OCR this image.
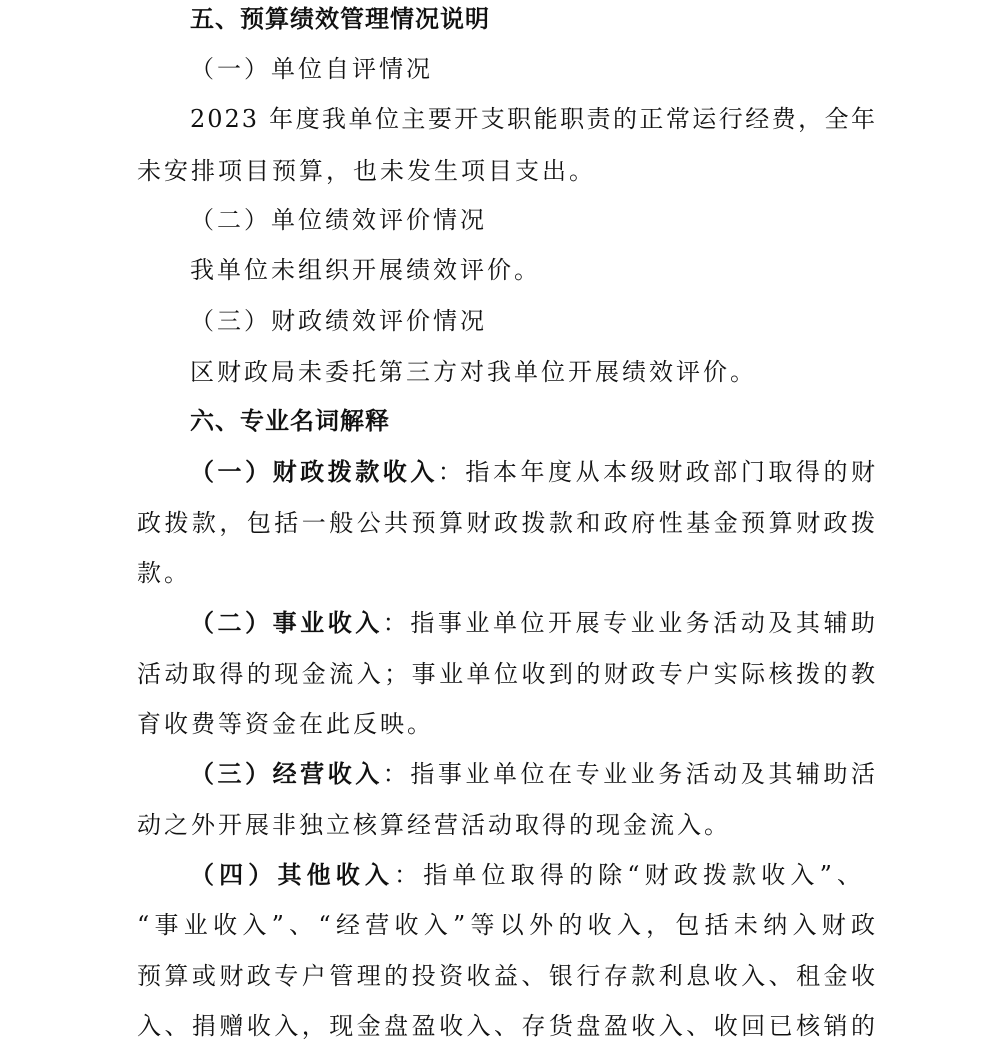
五、预算绩效管理情况说明
（一）单位自评情况
2023 年度我单位主要开支职能职责的正常运行经费，全年
未安排项目预算，也未发生项目支出。
（二）单位绩效评价情况
我单位未组织开展绩效评价。
（三）财政绩效评价情况
区财政局未委托第三方对我单位开展绩效评价。
六、专业名词解释
（一）财政拨款收入：指本年度从本级财政部门取得的财
政拨款，包括一般公共预算财政拨款和政府性基金预算财政拨
款。
（二）事业收入：指事业单位开展专业业务活动及其辅助
活动取得的现金流入；事业单位收到的财政专户实际核拨的教
育收费等资金在此反映。
（三）经营收入：指事业单位在专业业务活动及其辅助活
动之外开展非独立核算经营活动取得的现金流入。
（四）其他收入：指单位取得的除“财政拨款收入”、
“事业收入”、“经营收入”等以外的收入，包括未纳入财政
预算或财政专户管理的投资收益、银行存款利息收入、租金收
入、捐赠收入，现金盘盈收入、存货盘盈收入、收回已核销的
